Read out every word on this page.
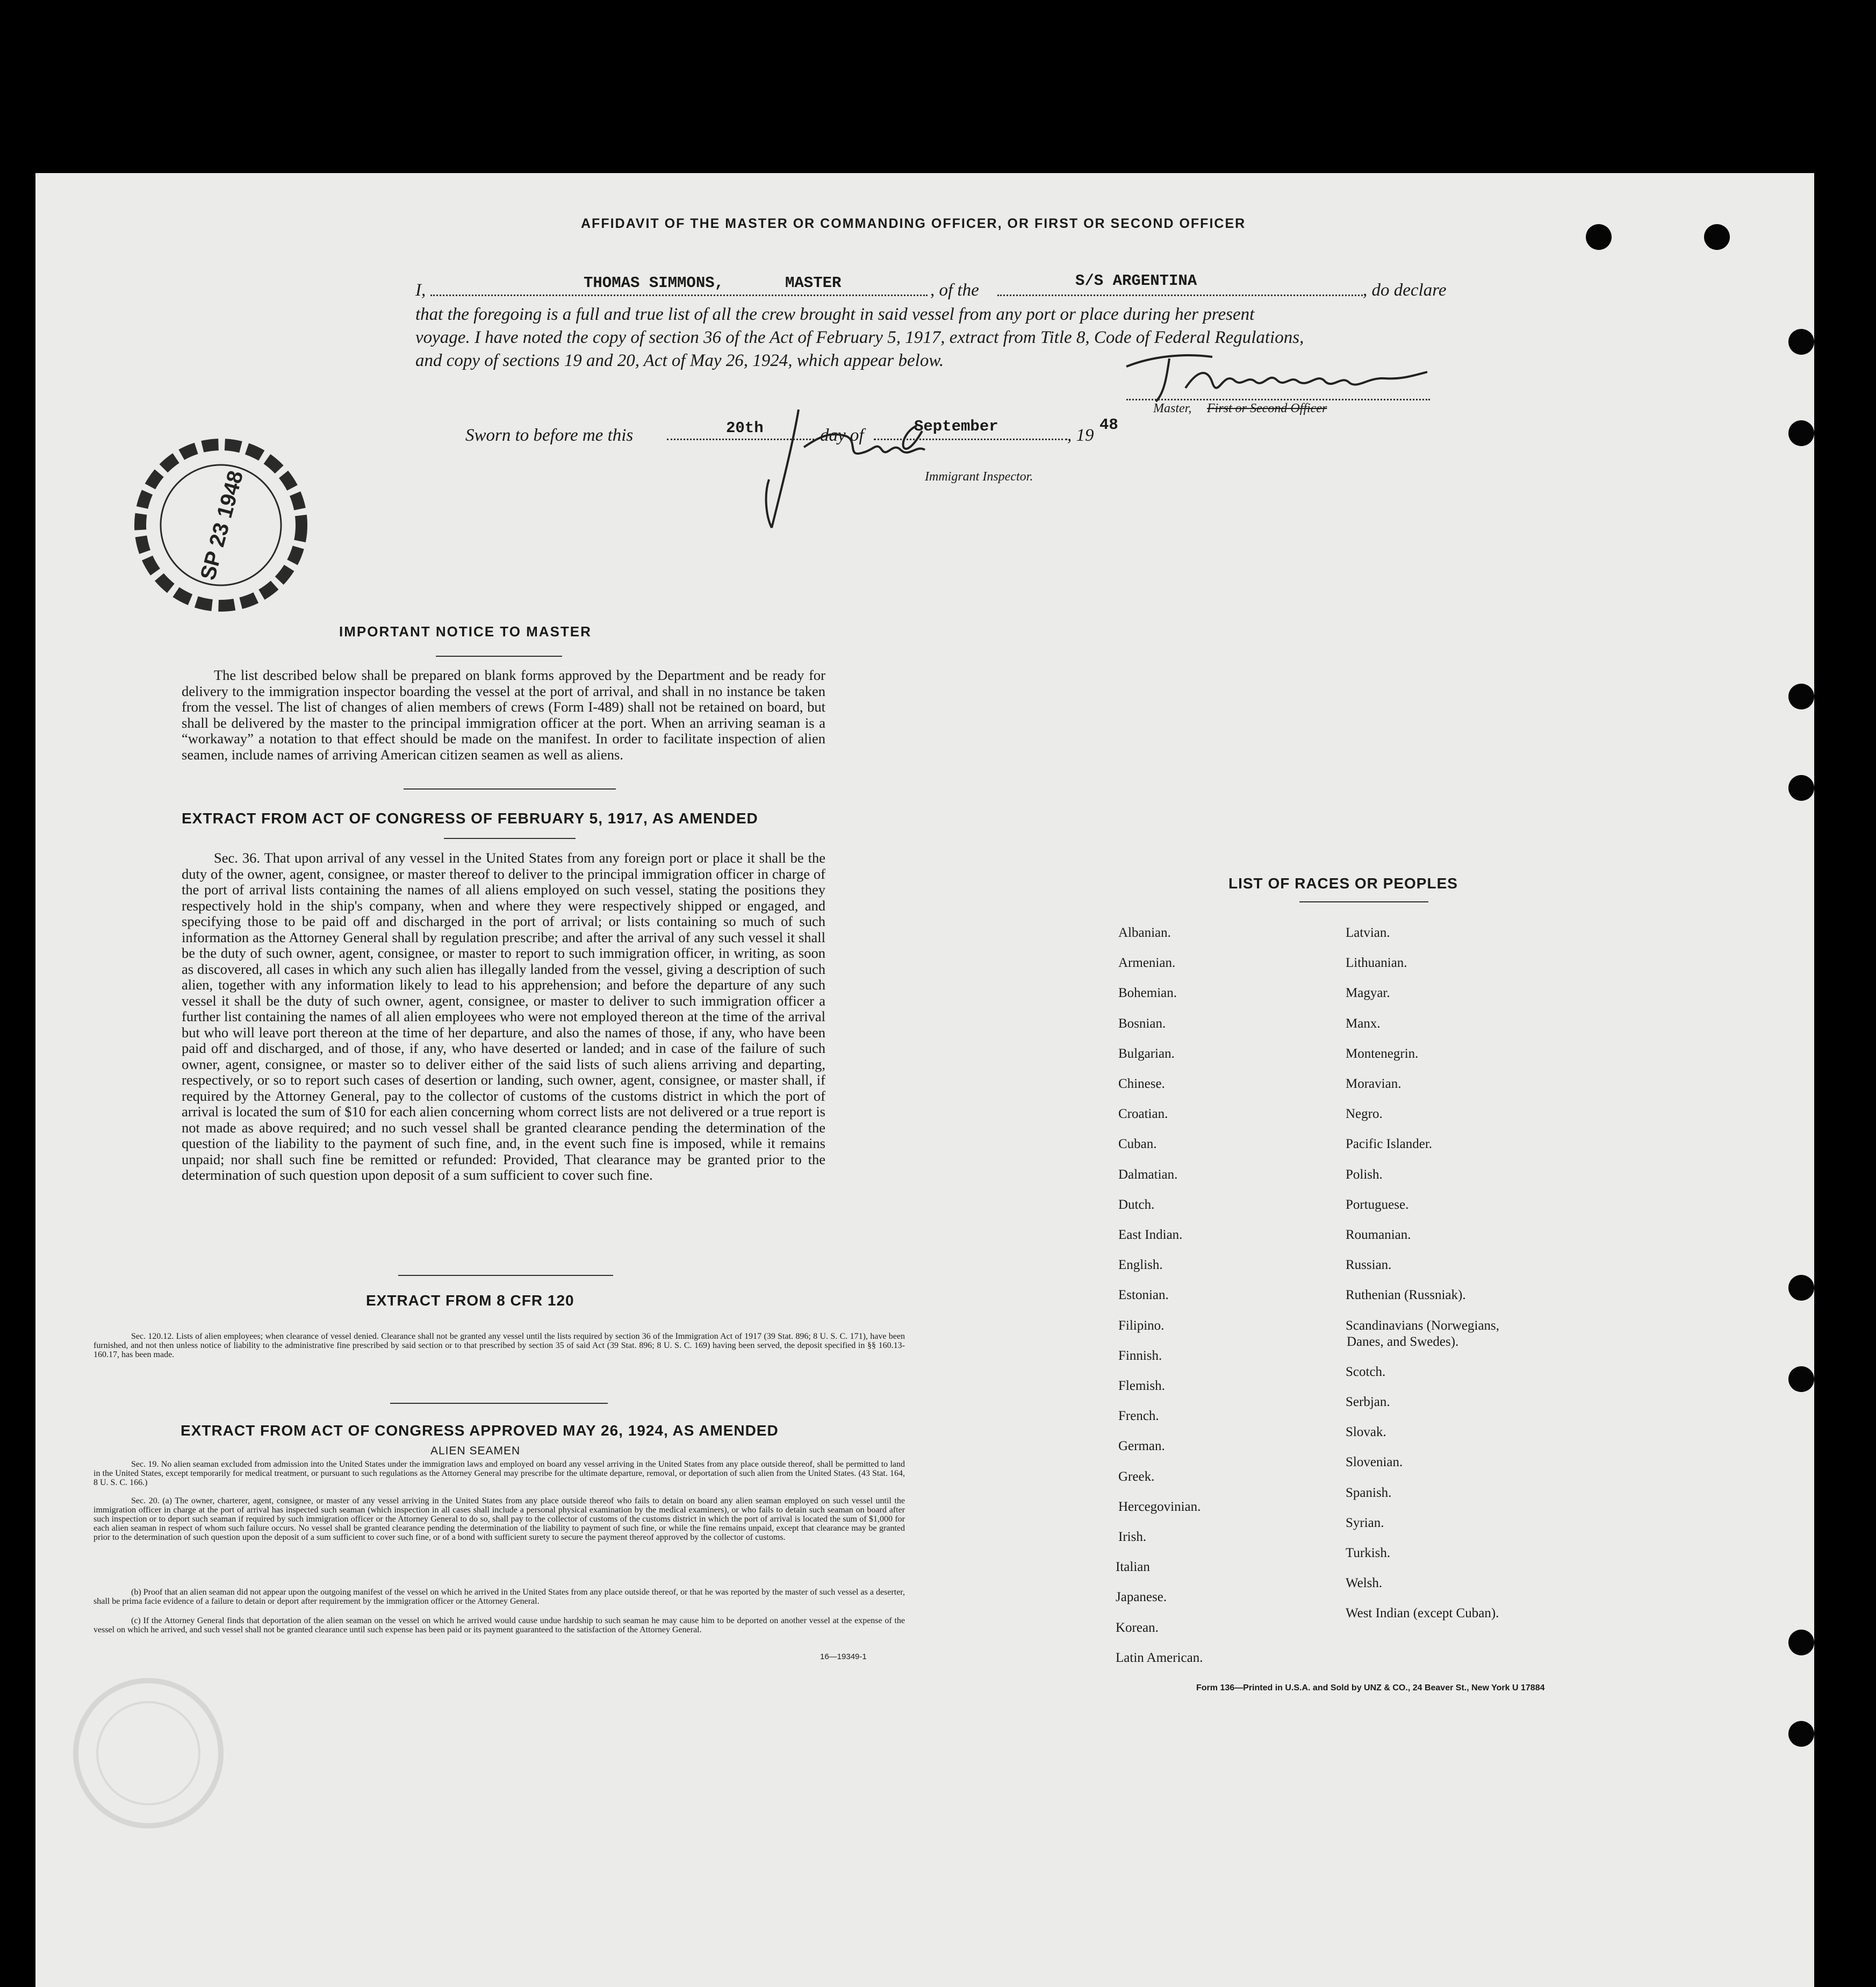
AFFIDAVIT OF THE MASTER OR COMMANDING OFFICER, OR FIRST OR SECOND OFFICER
I,	THOMAS SIMMONS,	MASTER	, of the	S/S ARGENTINA	, do declare
that the foregoing is a full and true list of all the crew brought in said vessel from any port or place during her present
voyage. I have noted the copy of section 36 of the Act of February 5, 1917, extract from Title 8, Code of Federal Regulations,
and copy of sections 19 and 20, Act of May 26, 1924, which appear below.
Master, First or Second Officer
Sworn to before me this	20th	day of	September	, 19
48
Immigrant Inspector.
SP 23 1948
IMPORTANT NOTICE TO MASTER
The list described below shall be prepared on blank forms approved by the Department and be ready for delivery to the immigration inspector boarding the vessel at the port of arrival, and shall in no instance be taken from the vessel. The list of changes of alien members of crews (Form I-489) shall not be retained on board, but shall be delivered by the master to the principal immigration officer at the port. When an arriving seaman is a “workaway” a notation to that effect should be made on the manifest. In order to facilitate inspection of alien seamen, include names of arriving American citizen seamen as well as aliens.
EXTRACT FROM ACT OF CONGRESS OF FEBRUARY 5, 1917, AS AMENDED
Sec. 36. That upon arrival of any vessel in the United States from any foreign port or place it shall be the duty of the owner, agent, consignee, or master thereof to deliver to the principal immigration officer in charge of the port of arrival lists containing the names of all aliens employed on such vessel, stating the positions they respectively hold in the ship's company, when and where they were respectively shipped or engaged, and specifying those to be paid off and discharged in the port of arrival; or lists containing so much of such information as the Attorney General shall by regulation prescribe; and after the arrival of any such vessel it shall be the duty of such owner, agent, consignee, or master to report to such immigration officer, in writing, as soon as discovered, all cases in which any such alien has illegally landed from the vessel, giving a description of such alien, together with any information likely to lead to his apprehension; and before the departure of any such vessel it shall be the duty of such owner, agent, consignee, or master to deliver to such immigration officer a further list containing the names of all alien employees who were not employed thereon at the time of the arrival but who will leave port thereon at the time of her departure, and also the names of those, if any, who have been paid off and discharged, and of those, if any, who have deserted or landed; and in case of the failure of such owner, agent, consignee, or master so to deliver either of the said lists of such aliens arriving and departing, respectively, or so to report such cases of desertion or landing, such owner, agent, consignee, or master shall, if required by the Attorney General, pay to the collector of customs of the customs district in which the port of arrival is located the sum of $10 for each alien concerning whom correct lists are not delivered or a true report is not made as above required; and no such vessel shall be granted clearance pending the determination of the question of the liability to the payment of such fine, and, in the event such fine is imposed, while it remains unpaid; nor shall such fine be remitted or refunded: Provided, That clearance may be granted prior to the determination of such question upon deposit of a sum sufficient to cover such fine.
EXTRACT FROM 8 CFR 120
Sec. 120.12. Lists of alien employees; when clearance of vessel denied. Clearance shall not be granted any vessel until the lists required by section 36 of the Immigration Act of 1917 (39 Stat. 896; 8 U. S. C. 171), have been furnished, and not then unless notice of liability to the administrative fine prescribed by said section or to that prescribed by section 35 of said Act (39 Stat. 896; 8 U. S. C. 169) having been served, the deposit specified in §§ 160.13-160.17, has been made.
EXTRACT FROM ACT OF CONGRESS APPROVED MAY 26, 1924, AS AMENDED
ALIEN SEAMEN
Sec. 19. No alien seaman excluded from admission into the United States under the immigration laws and employed on board any vessel arriving in the United States from any place outside thereof, shall be permitted to land in the United States, except temporarily for medical treatment, or pursuant to such regulations as the Attorney General may prescribe for the ultimate departure, removal, or deportation of such alien from the United States. (43 Stat. 164, 8 U. S. C. 166.)
Sec. 20. (a) The owner, charterer, agent, consignee, or master of any vessel arriving in the United States from any place outside thereof who fails to detain on board any alien seaman employed on such vessel until the immigration officer in charge at the port of arrival has inspected such seaman (which inspection in all cases shall include a personal physical examination by the medical examiners), or who fails to detain such seaman on board after such inspection or to deport such seaman if required by such immigration officer or the Attorney General to do so, shall pay to the collector of customs of the customs district in which the port of arrival is located the sum of $1,000 for each alien seaman in respect of whom such failure occurs. No vessel shall be granted clearance pending the determination of the liability to payment of such fine, or while the fine remains unpaid, except that clearance may be granted prior to the determination of such question upon the deposit of a sum sufficient to cover such fine, or of a bond with sufficient surety to secure the payment thereof approved by the collector of customs.
(b) Proof that an alien seaman did not appear upon the outgoing manifest of the vessel on which he arrived in the United States from any place outside thereof, or that he was reported by the master of such vessel as a deserter, shall be prima facie evidence of a failure to detain or deport after requirement by the immigration officer or the Attorney General.
(c) If the Attorney General finds that deportation of the alien seaman on the vessel on which he arrived would cause undue hardship to such seaman he may cause him to be deported on another vessel at the expense of the vessel on which he arrived, and such vessel shall not be granted clearance until such expense has been paid or its payment guaranteed to the satisfaction of the Attorney General.
16—19349-1
LIST OF RACES OR PEOPLES
Form 136—Printed in U.S.A. and Sold by UNZ & CO., 24 Beaver St., New York U 17884
Albanian.
Armenian.
Bohemian.
Bosnian.
Bulgarian.
Chinese.
Croatian.
Cuban.
Dalmatian.
Dutch.
East Indian.
English.
Estonian.
Filipino.
Finnish.
Flemish.
French.
German.
Greek.
Hercegovinian.
Irish.
Italian
Japanese.
Korean.
Latin American.
Latvian.
Lithuanian.
Magyar.
Manx.
Montenegrin.
Moravian.
Negro.
Pacific Islander.
Polish.
Portuguese.
Roumanian.
Russian.
Ruthenian (Russniak).
Scandinavians (Norwegians,
Danes, and Swedes).
Scotch.
Serbjan.
Slovak.
Slovenian.
Spanish.
Syrian.
Turkish.
Welsh.
West Indian (except Cuban).
